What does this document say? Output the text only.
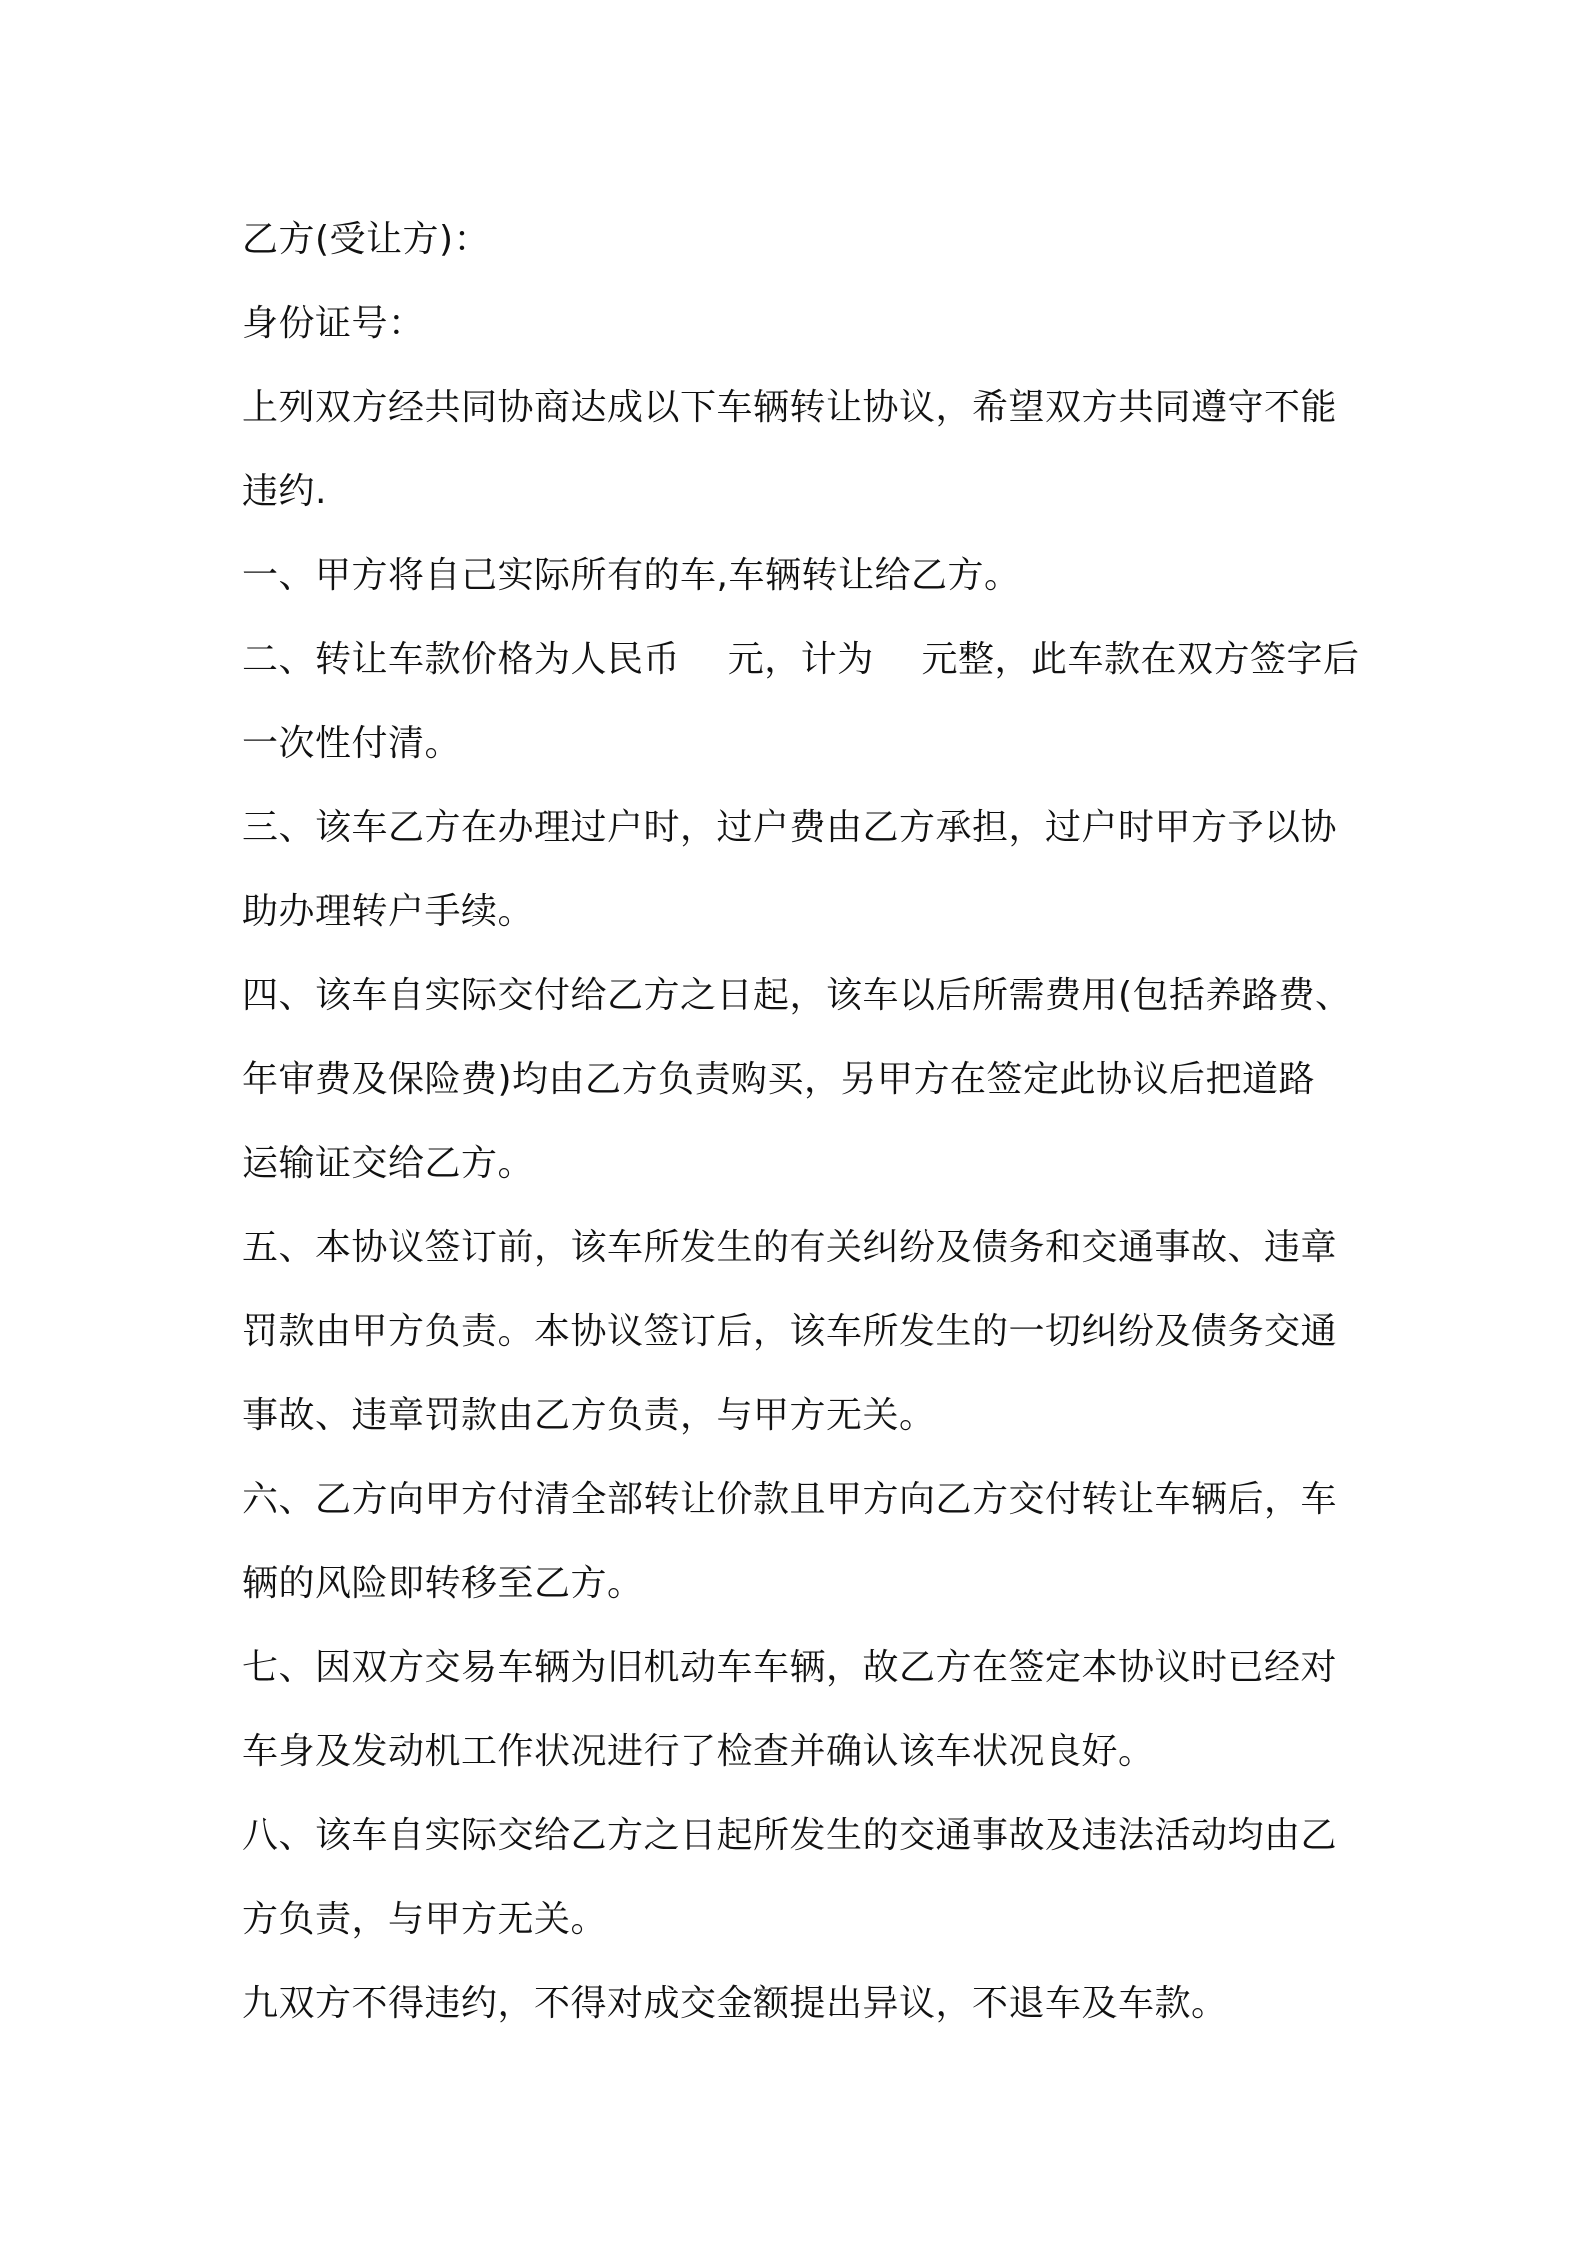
乙方(受让方)：

身份证号：

上列双方经共同协商达成以下车辆转让协议，希望双方共同遵守不能

违约.

一、甲方将自己实际所有的车,车辆转让给乙方。

二、转让车款价格为人民币    元，计为    元整，此车款在双方签字后

一次性付清。

三、该车乙方在办理过户时，过户费由乙方承担，过户时甲方予以协

助办理转户手续。

四、该车自实际交付给乙方之日起，该车以后所需费用(包括养路费、

年审费及保险费)均由乙方负责购买，另甲方在签定此协议后把道路

运输证交给乙方。

五、本协议签订前，该车所发生的有关纠纷及债务和交通事故、违章

罚款由甲方负责。本协议签订后，该车所发生的一切纠纷及债务交通

事故、违章罚款由乙方负责，与甲方无关。

六、乙方向甲方付清全部转让价款且甲方向乙方交付转让车辆后，车

辆的风险即转移至乙方。

七、因双方交易车辆为旧机动车车辆，故乙方在签定本协议时已经对

车身及发动机工作状况进行了检查并确认该车状况良好。

八、该车自实际交给乙方之日起所发生的交通事故及违法活动均由乙

方负责，与甲方无关。

九双方不得违约，不得对成交金额提出异议，不退车及车款。
